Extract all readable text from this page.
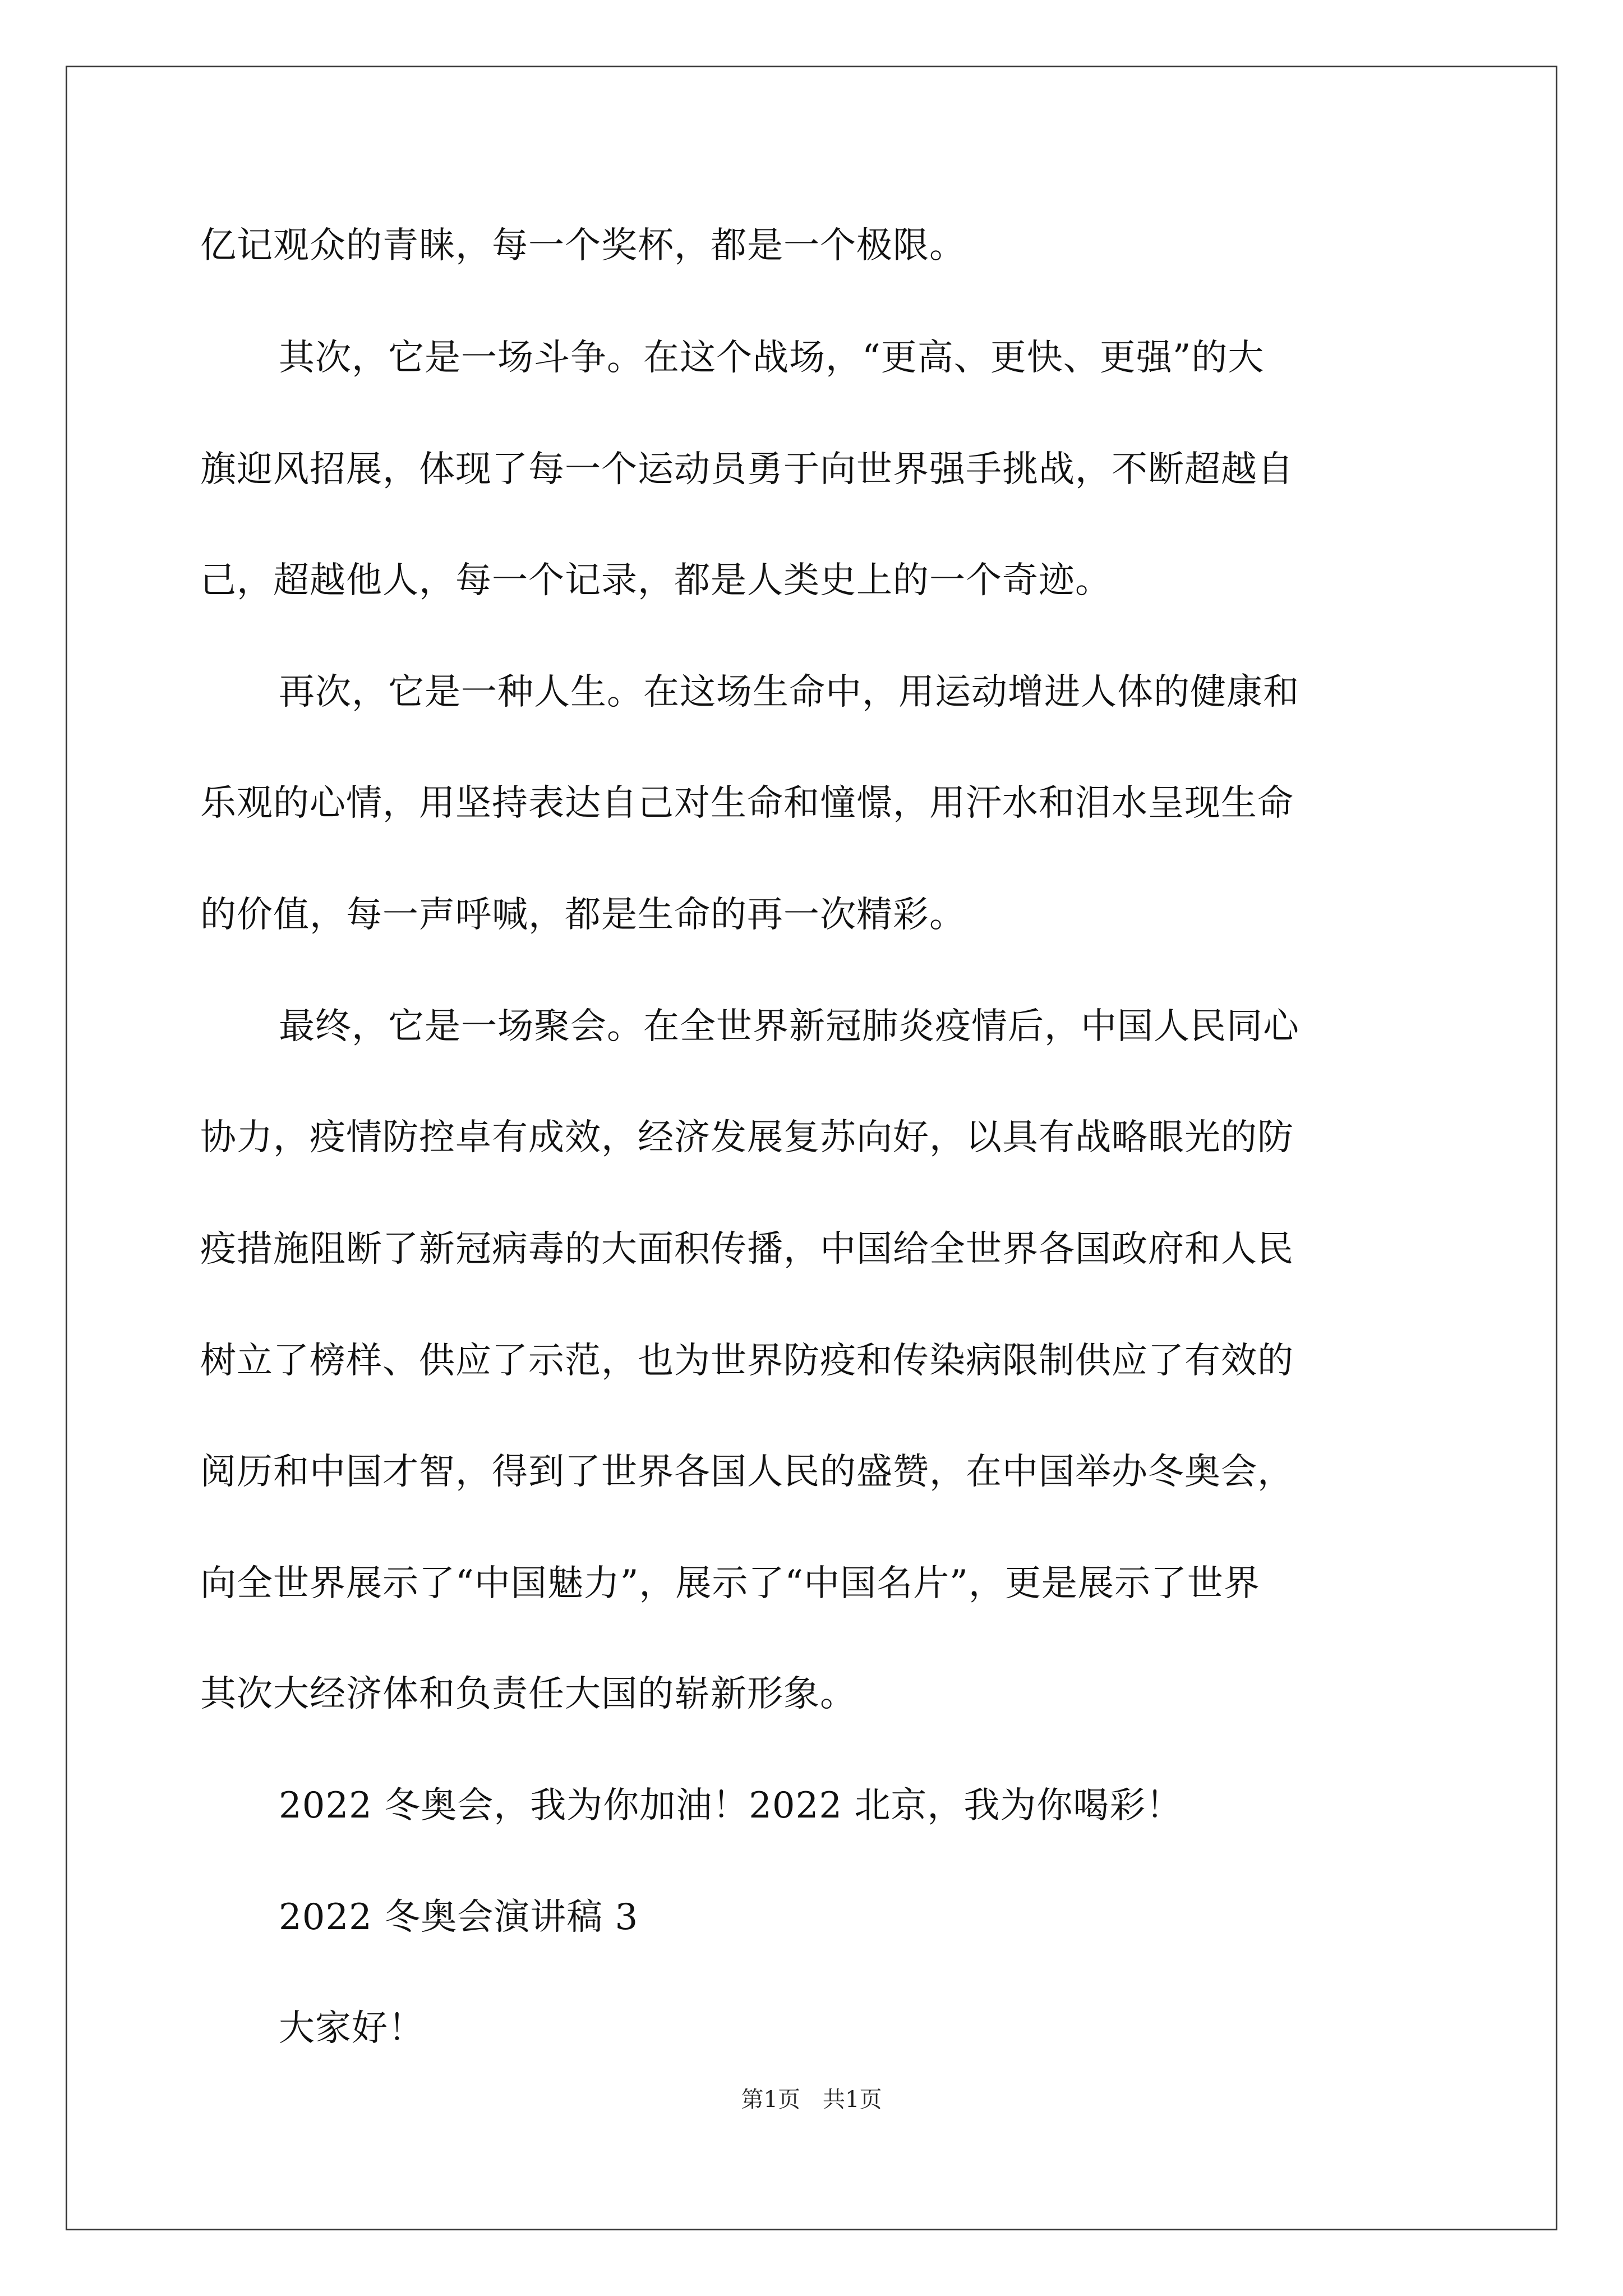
亿记观众的青睐，每一个奖杯，都是一个极限。
其次，它是一场斗争。在这个战场，“更高、更快、更强”的大
旗迎风招展，体现了每一个运动员勇于向世界强手挑战，不断超越自
己，超越他人，每一个记录，都是人类史上的一个奇迹。
再次，它是一种人生。在这场生命中，用运动增进人体的健康和
乐观的心情，用坚持表达自己对生命和憧憬，用汗水和泪水呈现生命
的价值，每一声呼喊，都是生命的再一次精彩。
最终，它是一场聚会。在全世界新冠肺炎疫情后，中国人民同心
协力，疫情防控卓有成效，经济发展复苏向好，以具有战略眼光的防
疫措施阻断了新冠病毒的大面积传播，中国给全世界各国政府和人民
树立了榜样、供应了示范，也为世界防疫和传染病限制供应了有效的
阅历和中国才智，得到了世界各国人民的盛赞，在中国举办冬奥会，
向全世界展示了“中国魅力”，展示了“中国名片”，更是展示了世界
其次大经济体和负责任大国的崭新形象。
2022 冬奥会，我为你加油！2022 北京，我为你喝彩！
2022 冬奥会演讲稿 3
大家好！
第1页　共1页
